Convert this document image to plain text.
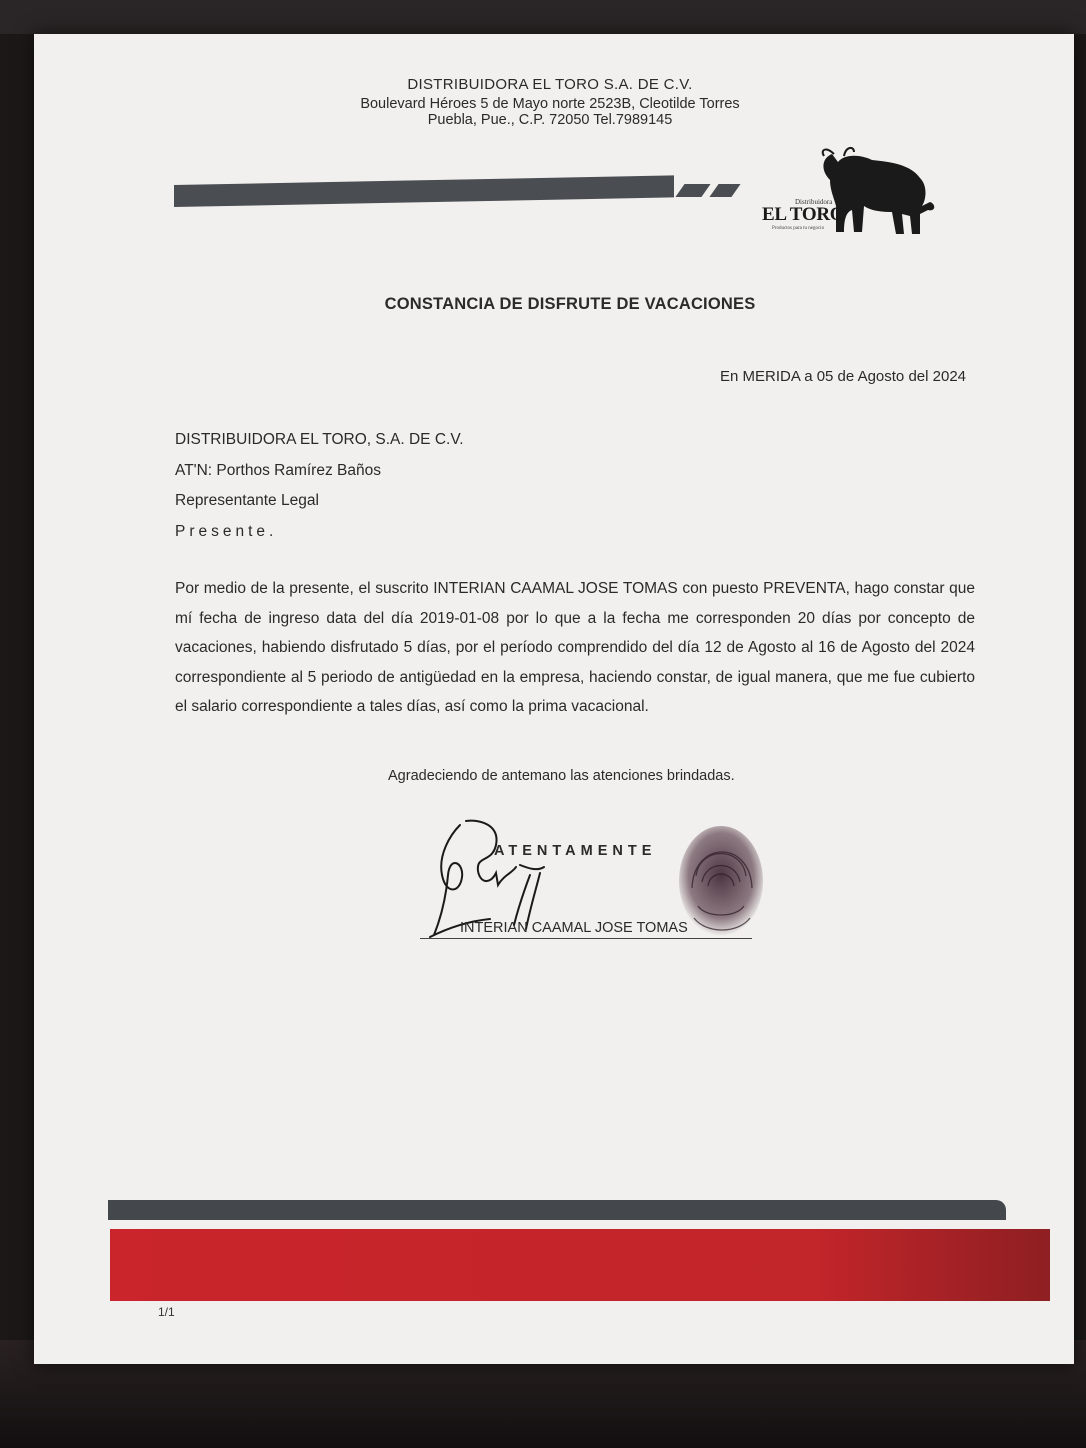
DISTRIBUIDORA EL TORO S.A. DE C.V.
Boulevard Héroes 5 de Mayo norte 2523B, Cleotilde Torres
Puebla, Pue., C.P. 72050 Tel.7989145
Distribuidora
EL TORO
Productos para tu negocio
CONSTANCIA DE DISFRUTE DE VACACIONES
En MERIDA a 05 de Agosto del 2024
DISTRIBUIDORA EL TORO, S.A. DE C.V.
AT'N: Porthos Ramírez Baños
Representante Legal
Presente.
Por medio de la presente, el suscrito INTERIAN CAAMAL JOSE TOMAS con puesto PREVENTA, hago constar que mí fecha de ingreso data del día 2019-01-08 por lo que a la fecha me corresponden 20 días por concepto de vacaciones, habiendo disfrutado 5 días, por el período comprendido del día 12 de Agosto al 16 de Agosto del 2024 correspondiente al 5 periodo de antigüedad en la empresa, haciendo constar, de igual manera, que me fue cubierto el salario correspondiente a tales días, así como la prima vacacional.
Agradeciendo de antemano las atenciones brindadas.
ATENTAMENTE
INTERIAN CAAMAL JOSE TOMAS
1/1
